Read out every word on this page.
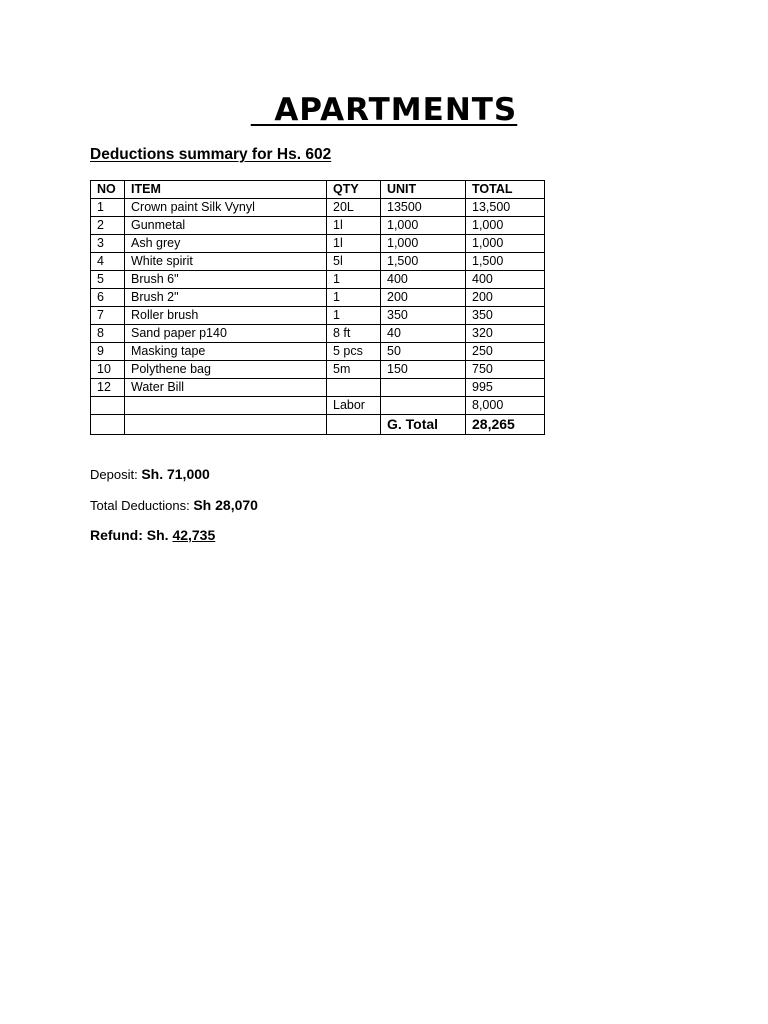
APARTMENTS
Deductions summary for Hs. 602
NO	ITEM	QTY	UNIT	TOTAL
1	Crown paint Silk Vynyl	20L	13500	13,500
2	Gunmetal	1l	1,000	1,000
3	Ash grey	1l	1,000	1,000
4	White spirit	5l	1,500	1,500
5	Brush 6"	1	400	400
6	Brush 2"	1	200	200
7	Roller brush	1	350	350
8	Sand paper p140	8 ft	40	320
9	Masking tape	5 pcs	50	250
10	Polythene bag	5m	150	750
12	Water Bill			995
		Labor		8,000
			G. Total	28,265
Deposit: Sh. 71,000
Total Deductions: Sh 28,070
Refund: Sh. 42,735
